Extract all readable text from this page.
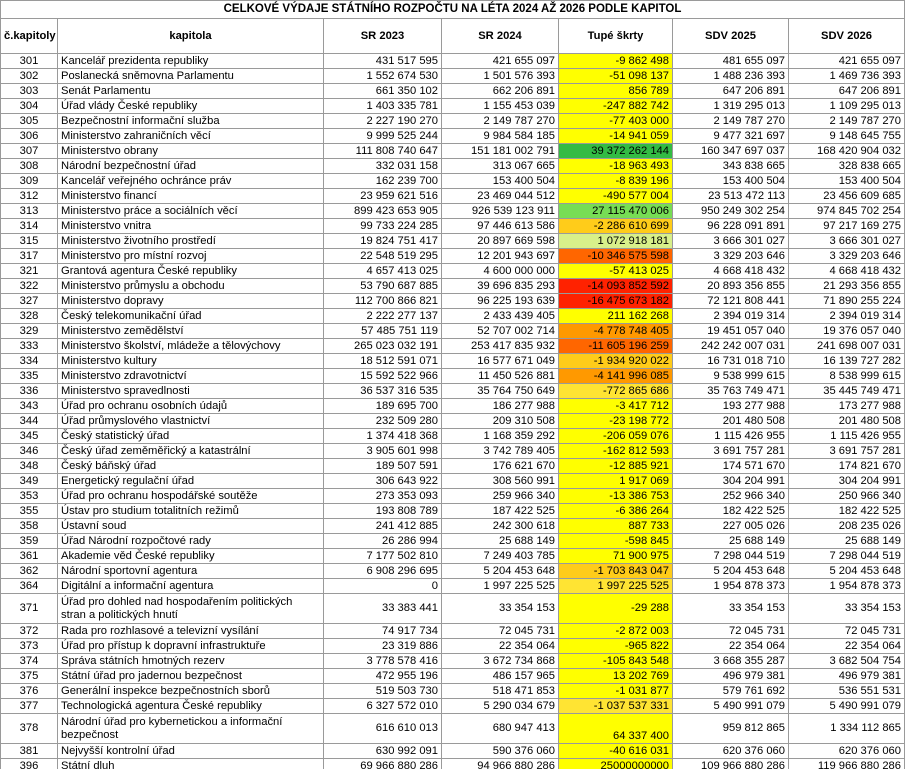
CELKOVÉ VÝDAJE STÁTNÍHO ROZPOČTU NA LÉTA 2024 AŽ 2026 PODLE KAPITOL						
č.kapitoly	kapitola	SR 2023	SR 2024	Tupé škrty	SDV 2025	SDV 2026
301	Kancelář prezidenta republiky	431 517 595	421 655 097	-9 862 498	481 655 097	421 655 097
302	Poslanecká sněmovna Parlamentu	1 552 674 530	1 501 576 393	-51 098 137	1 488 236 393	1 469 736 393
303	Senát Parlamentu	661 350 102	662 206 891	856 789	647 206 891	647 206 891
304	Úřad vlády České republiky	1 403 335 781	1 155 453 039	-247 882 742	1 319 295 013	1 109 295 013
305	Bezpečnostní informační služba	2 227 190 270	2 149 787 270	-77 403 000	2 149 787 270	2 149 787 270
306	Ministerstvo zahraničních věcí	9 999 525 244	9 984 584 185	-14 941 059	9 477 321 697	9 148 645 755
307	Ministerstvo obrany	111 808 740 647	151 181 002 791	39 372 262 144	160 347 697 037	168 420 904 032
308	Národní bezpečnostní úřad	332 031 158	313 067 665	-18 963 493	343 838 665	328 838 665
309	Kancelář veřejného ochránce práv	162 239 700	153 400 504	-8 839 196	153 400 504	153 400 504
312	Ministerstvo financí	23 959 621 516	23 469 044 512	-490 577 004	23 513 472 113	23 456 609 685
313	Ministerstvo práce a sociálních věcí	899 423 653 905	926 539 123 911	27 115 470 006	950 249 302 254	974 845 702 254
314	Ministerstvo vnitra	99 733 224 285	97 446 613 586	-2 286 610 699	96 228 091 891	97 217 169 275
315	Ministerstvo životního prostředí	19 824 751 417	20 897 669 598	1 072 918 181	3 666 301 027	3 666 301 027
317	Ministerstvo pro místní rozvoj	22 548 519 295	12 201 943 697	-10 346 575 598	3 329 203 646	3 329 203 646
321	Grantová agentura České republiky	4 657 413 025	4 600 000 000	-57 413 025	4 668 418 432	4 668 418 432
322	Ministerstvo průmyslu a obchodu	53 790 687 885	39 696 835 293	-14 093 852 592	20 893 356 855	21 293 356 855
327	Ministerstvo dopravy	112 700 866 821	96 225 193 639	-16 475 673 182	72 121 808 441	71 890 255 224
328	Český telekomunikační úřad	2 222 277 137	2 433 439 405	211 162 268	2 394 019 314	2 394 019 314
329	Ministerstvo zemědělství	57 485 751 119	52 707 002 714	-4 778 748 405	19 451 057 040	19 376 057 040
333	Ministerstvo školství, mládeže a tělovýchovy	265 023 032 191	253 417 835 932	-11 605 196 259	242 242 007 031	241 698 007 031
334	Ministerstvo kultury	18 512 591 071	16 577 671 049	-1 934 920 022	16 731 018 710	16 139 727 282
335	Ministerstvo zdravotnictví	15 592 522 966	11 450 526 881	-4 141 996 085	9 538 999 615	8 538 999 615
336	Ministerstvo spravedlnosti	36 537 316 535	35 764 750 649	-772 865 686	35 763 749 471	35 445 749 471
343	Úřad pro ochranu osobních údajů	189 695 700	186 277 988	-3 417 712	193 277 988	173 277 988
344	Úřad průmyslového vlastnictví	232 509 280	209 310 508	-23 198 772	201 480 508	201 480 508
345	Český statistický úřad	1 374 418 368	1 168 359 292	-206 059 076	1 115 426 955	1 115 426 955
346	Český úřad zeměměřický a katastrální	3 905 601 998	3 742 789 405	-162 812 593	3 691 757 281	3 691 757 281
348	Český báňský úřad	189 507 591	176 621 670	-12 885 921	174 571 670	174 821 670
349	Energetický regulační úřad	306 643 922	308 560 991	1 917 069	304 204 991	304 204 991
353	Úřad pro ochranu hospodářské soutěže	273 353 093	259 966 340	-13 386 753	252 966 340	250 966 340
355	Ústav pro studium totalitních režimů	193 808 789	187 422 525	-6 386 264	182 422 525	182 422 525
358	Ústavní soud	241 412 885	242 300 618	887 733	227 005 026	208 235 026
359	Úřad Národní rozpočtové rady	26 286 994	25 688 149	-598 845	25 688 149	25 688 149
361	Akademie věd České republiky	7 177 502 810	7 249 403 785	71 900 975	7 298 044 519	7 298 044 519
362	Národní sportovní agentura	6 908 296 695	5 204 453 648	-1 703 843 047	5 204 453 648	5 204 453 648
364	Digitální a informační agentura	0	1 997 225 525	1 997 225 525	1 954 878 373	1 954 878 373
371	Úřad pro dohled nad hospodařením politických stran a politických hnutí	33 383 441	33 354 153	-29 288	33 354 153	33 354 153
372	Rada pro rozhlasové a televizní vysílání	74 917 734	72 045 731	-2 872 003	72 045 731	72 045 731
373	Úřad pro přístup k dopravní infrastruktuře	23 319 886	22 354 064	-965 822	22 354 064	22 354 064
374	Správa státních hmotných rezerv	3 778 578 416	3 672 734 868	-105 843 548	3 668 355 287	3 682 504 754
375	Státní úřad pro jadernou bezpečnost	472 955 196	486 157 965	13 202 769	496 979 381	496 979 381
376	Generální inspekce bezpečnostních sborů	519 503 730	518 471 853	-1 031 877	579 761 692	536 551 531
377	Technologická agentura České republiky	6 327 572 010	5 290 034 679	-1 037 537 331	5 490 991 079	5 490 991 079
378	Národní úřad pro kybernetickou a informační bezpečnost	616 610 013	680 947 413	64 337 400	959 812 865	1 334 112 865
381	Nejvyšší kontrolní úřad	630 992 091	590 376 060	-40 616 031	620 376 060	620 376 060
396	Státní dluh	69 966 880 286	94 966 880 286	25000000000	109 966 880 286	119 966 880 286
